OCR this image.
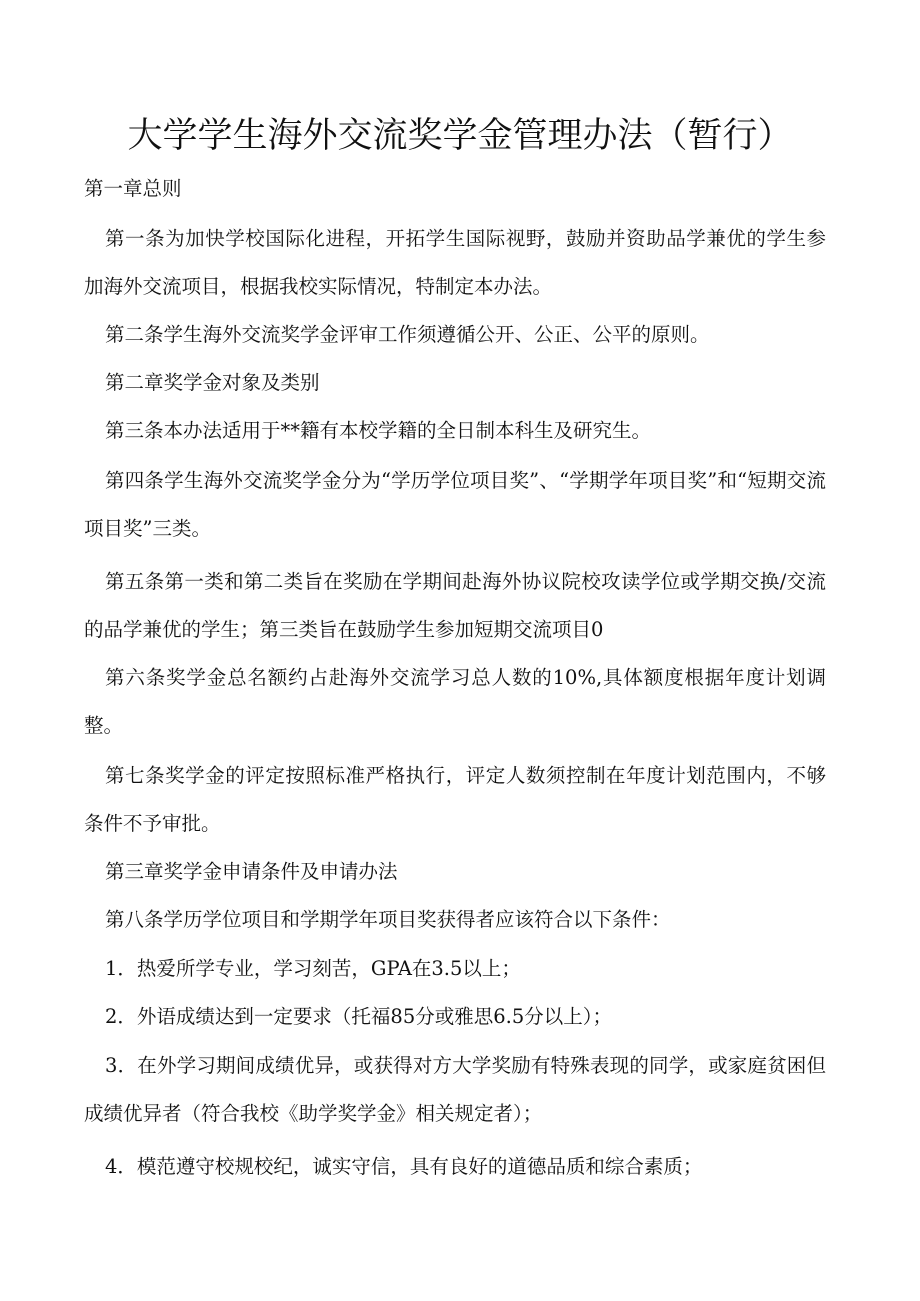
大学学生海外交流奖学金管理办法（暂行）

第一章总则

第一条为加快学校国际化进程，开拓学生国际视野，鼓励并资助品学兼优的学生参加海外交流项目，根据我校实际情况，特制定本办法。

第二条学生海外交流奖学金评审工作须遵循公开、公正、公平的原则。

第二章奖学金对象及类别

第三条本办法适用于**籍有本校学籍的全日制本科生及研究生。

第四条学生海外交流奖学金分为“学历学位项目奖”、“学期学年项目奖”和“短期交流项目奖”三类。

第五条第一类和第二类旨在奖励在学期间赴海外协议院校攻读学位或学期交换/交流的品学兼优的学生；第三类旨在鼓励学生参加短期交流项目0

第六条奖学金总名额约占赴海外交流学习总人数的10%,具体额度根据年度计划调整。

第七条奖学金的评定按照标准严格执行，评定人数须控制在年度计划范围内，不够条件不予审批。

第三章奖学金申请条件及申请办法

第八条学历学位项目和学期学年项目奖获得者应该符合以下条件：

1．热爱所学专业，学习刻苦，GPA在3.5以上；

2．外语成绩达到一定要求（托福85分或雅思6.5分以上）；

3．在外学习期间成绩优异，或获得对方大学奖励有特殊表现的同学，或家庭贫困但成绩优异者（符合我校《助学奖学金》相关规定者）；

4．模范遵守校规校纪，诚实守信，具有良好的道德品质和综合素质；
